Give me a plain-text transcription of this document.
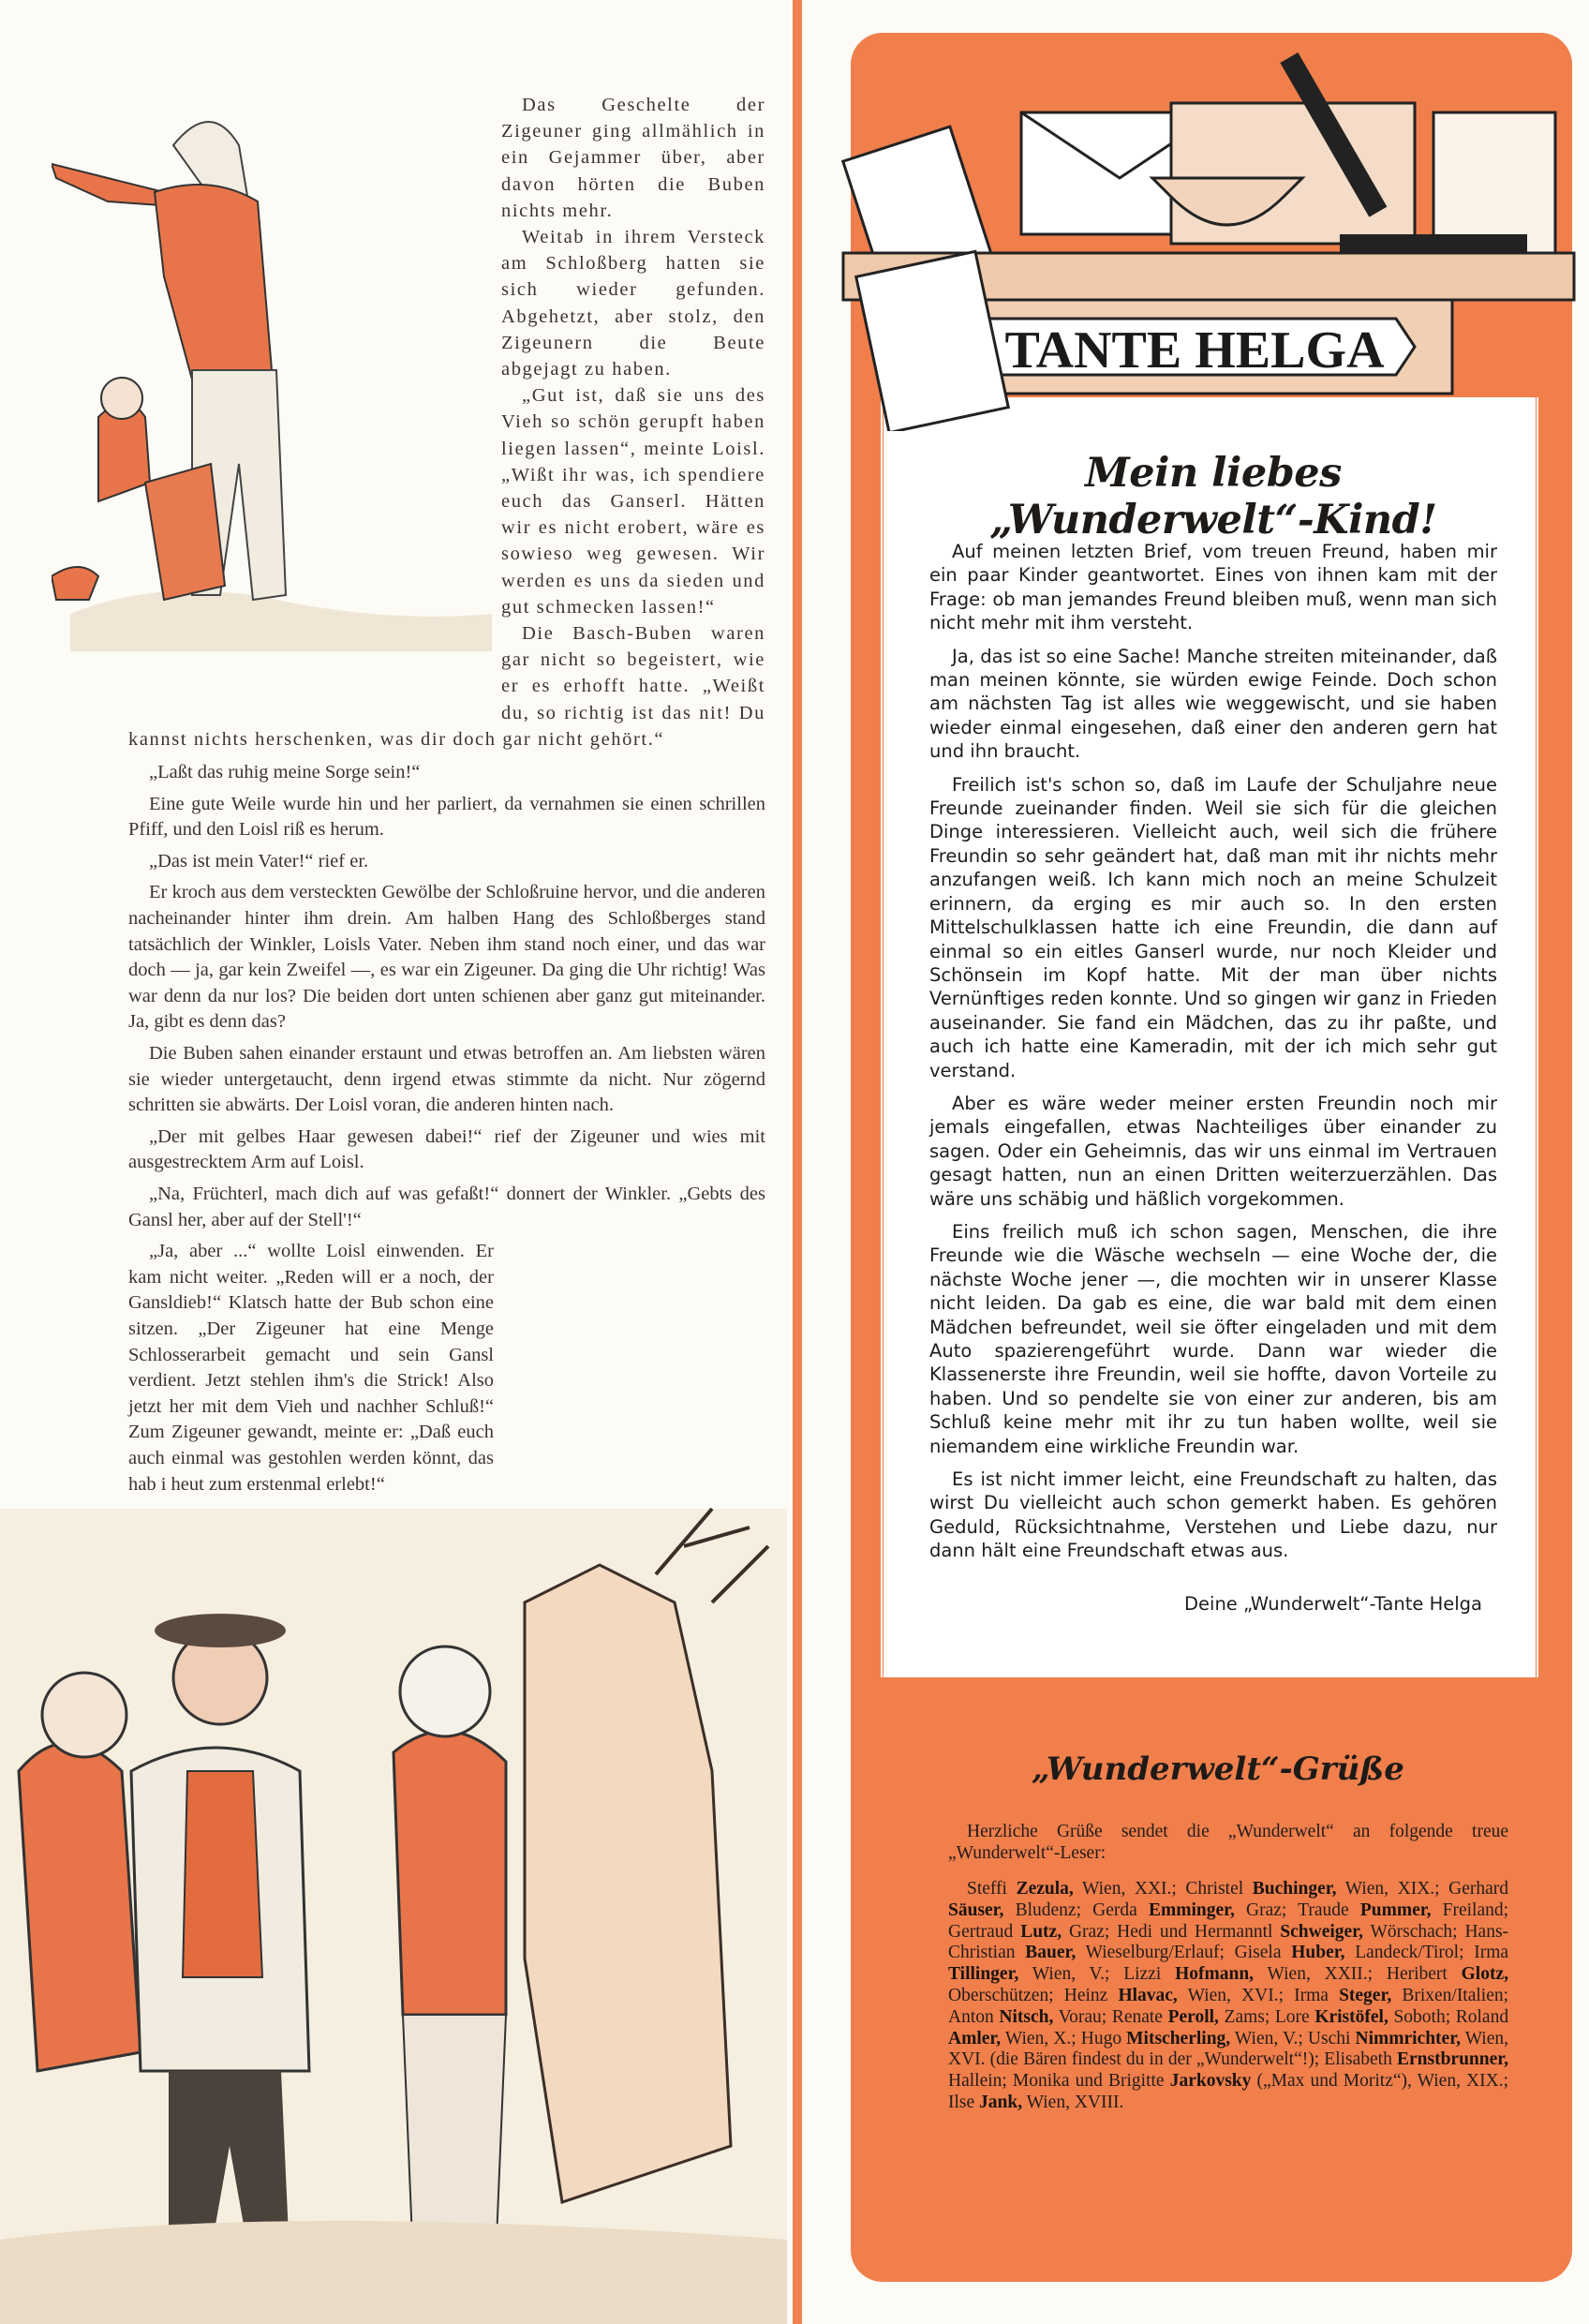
Das Geschelte der Zigeuner ging allmählich in ein Gejammer über, aber davon hörten die Buben nichts mehr.

Weitab in ihrem Versteck am Schloßberg hatten sie sich wieder gefunden. Abgehetzt, aber stolz, den Zigeunern die Beute abgejagt zu haben.

„Gut ist, daß sie uns des Vieh so schön gerupft haben liegen lassen“, meinte Loisl. „Wißt ihr was, ich spendiere euch das Ganserl. Hätten wir es nicht erobert, wäre es sowieso weg gewesen. Wir werden es uns da sieden und gut schmecken lassen!“

Die Basch-Buben waren gar nicht so begeistert, wie er es erhofft hatte. „Weißt du, so richtig ist das nit! Du kannst nichts herschenken, was dir doch gar nicht gehört.“

„Laßt das ruhig meine Sorge sein!“

Eine gute Weile wurde hin und her parliert, da vernahmen sie einen schrillen Pfiff, und den Loisl riß es herum.

„Das ist mein Vater!“ rief er.

Er kroch aus dem versteckten Gewölbe der Schloßruine hervor, und die anderen nacheinander hinter ihm drein. Am halben Hang des Schloßberges stand tatsächlich der Winkler, Loisls Vater. Neben ihm stand noch einer, und das war doch — ja, gar kein Zweifel —, es war ein Zigeuner. Da ging die Uhr richtig! Was war denn da nur los? Die beiden dort unten schienen aber ganz gut miteinander. Ja, gibt es denn das?

Die Buben sahen einander erstaunt und etwas betroffen an. Am liebsten wären sie wieder untergetaucht, denn irgend etwas stimmte da nicht. Nur zögernd schritten sie abwärts. Der Loisl voran, die anderen hinten nach.

„Der mit gelbes Haar gewesen dabei!“ rief der Zigeuner und wies mit ausgestrecktem Arm auf Loisl.

„Na, Früchterl, mach dich auf was gefaßt!“ donnert der Winkler. „Gebts des Gansl her, aber auf der Stell'!“

„Ja, aber ...“ wollte Loisl einwenden. Er kam nicht weiter. „Reden will er a noch, der Gansldieb!“ Klatsch hatte der Bub schon eine sitzen. „Der Zigeuner hat eine Menge Schlosserarbeit gemacht und sein Gansl verdient. Jetzt stehlen ihm's die Strick! Also jetzt her mit dem Vieh und nachher Schluß!“ Zum Zigeuner gewandt, meinte er: „Daß euch auch einmal was gestohlen werden könnt, das hab i heut zum erstenmal erlebt!“

TANTE HELGA
Mein liebes „Wunderwelt“-Kind!

Auf meinen letzten Brief, vom treuen Freund, haben mir ein paar Kinder geantwortet. Eines von ihnen kam mit der Frage: ob man jemandes Freund bleiben muß, wenn man sich nicht mehr mit ihm versteht.

Ja, das ist so eine Sache! Manche streiten miteinander, daß man meinen könnte, sie würden ewige Feinde. Doch schon am nächsten Tag ist alles wie weggewischt, und sie haben wieder einmal eingesehen, daß einer den anderen gern hat und ihn braucht.

Freilich ist's schon so, daß im Laufe der Schuljahre neue Freunde zueinander finden. Weil sie sich für die gleichen Dinge interessieren. Vielleicht auch, weil sich die frühere Freundin so sehr geändert hat, daß man mit ihr nichts mehr anzufangen weiß. Ich kann mich noch an meine Schulzeit erinnern, da erging es mir auch so. In den ersten Mittelschulklassen hatte ich eine Freundin, die dann auf einmal so ein eitles Ganserl wurde, nur noch Kleider und Schönsein im Kopf hatte. Mit der man über nichts Vernünftiges reden konnte. Und so gingen wir ganz in Frieden auseinander. Sie fand ein Mädchen, das zu ihr paßte, und auch ich hatte eine Kameradin, mit der ich mich sehr gut verstand.

Aber es wäre weder meiner ersten Freundin noch mir jemals eingefallen, etwas Nachteiliges über einander zu sagen. Oder ein Geheimnis, das wir uns einmal im Vertrauen gesagt hatten, nun an einen Dritten weiterzuerzählen. Das wäre uns schäbig und häßlich vorgekommen.

Eins freilich muß ich schon sagen, Menschen, die ihre Freunde wie die Wäsche wechseln — eine Woche der, die nächste Woche jener —, die mochten wir in unserer Klasse nicht leiden. Da gab es eine, die war bald mit dem einen Mädchen befreundet, weil sie öfter eingeladen und mit dem Auto spazierengeführt wurde. Dann war wieder die Klassenerste ihre Freundin, weil sie hoffte, davon Vorteile zu haben. Und so pendelte sie von einer zur anderen, bis am Schluß keine mehr mit ihr zu tun haben wollte, weil sie niemandem eine wirkliche Freundin war.

Es ist nicht immer leicht, eine Freundschaft zu halten, das wirst Du vielleicht auch schon gemerkt haben. Es gehören Geduld, Rücksichtnahme, Verstehen und Liebe dazu, nur dann hält eine Freundschaft etwas aus.

Deine „Wunderwelt“-Tante Helga
„Wunderwelt“-Grüße
Herzliche Grüße sendet die „Wunderwelt“ an folgende treue „Wunderwelt“-Leser:
Steffi Zezula, Wien, XXI.; Christel Buchinger, Wien, XIX.; Gerhard Säuser, Bludenz; Gerda Emminger, Graz; Traude Pummer, Freiland; Gertraud Lutz, Graz; Hedi und Hermanntl Schweiger, Wörschach; Hans-Christian Bauer, Wieselburg/Erlauf; Gisela Huber, Landeck/Tirol; Irma Tillinger, Wien, V.; Lizzi Hofmann, Wien, XXII.; Heribert Glotz, Oberschützen; Heinz Hlavac, Wien, XVI.; Irma Steger, Brixen/Italien; Anton Nitsch, Vorau; Renate Peroll, Zams; Lore Kristöfel, Soboth; Roland Amler, Wien, X.; Hugo Mitscherling, Wien, V.; Uschi Nimmrichter, Wien, XVI. (die Bären findest du in der „Wunderwelt“!); Elisabeth Ernstbrunner, Hallein; Monika und Brigitte Jarkovsky („Max und Moritz“), Wien, XIX.; Ilse Jank, Wien, XVIII.
